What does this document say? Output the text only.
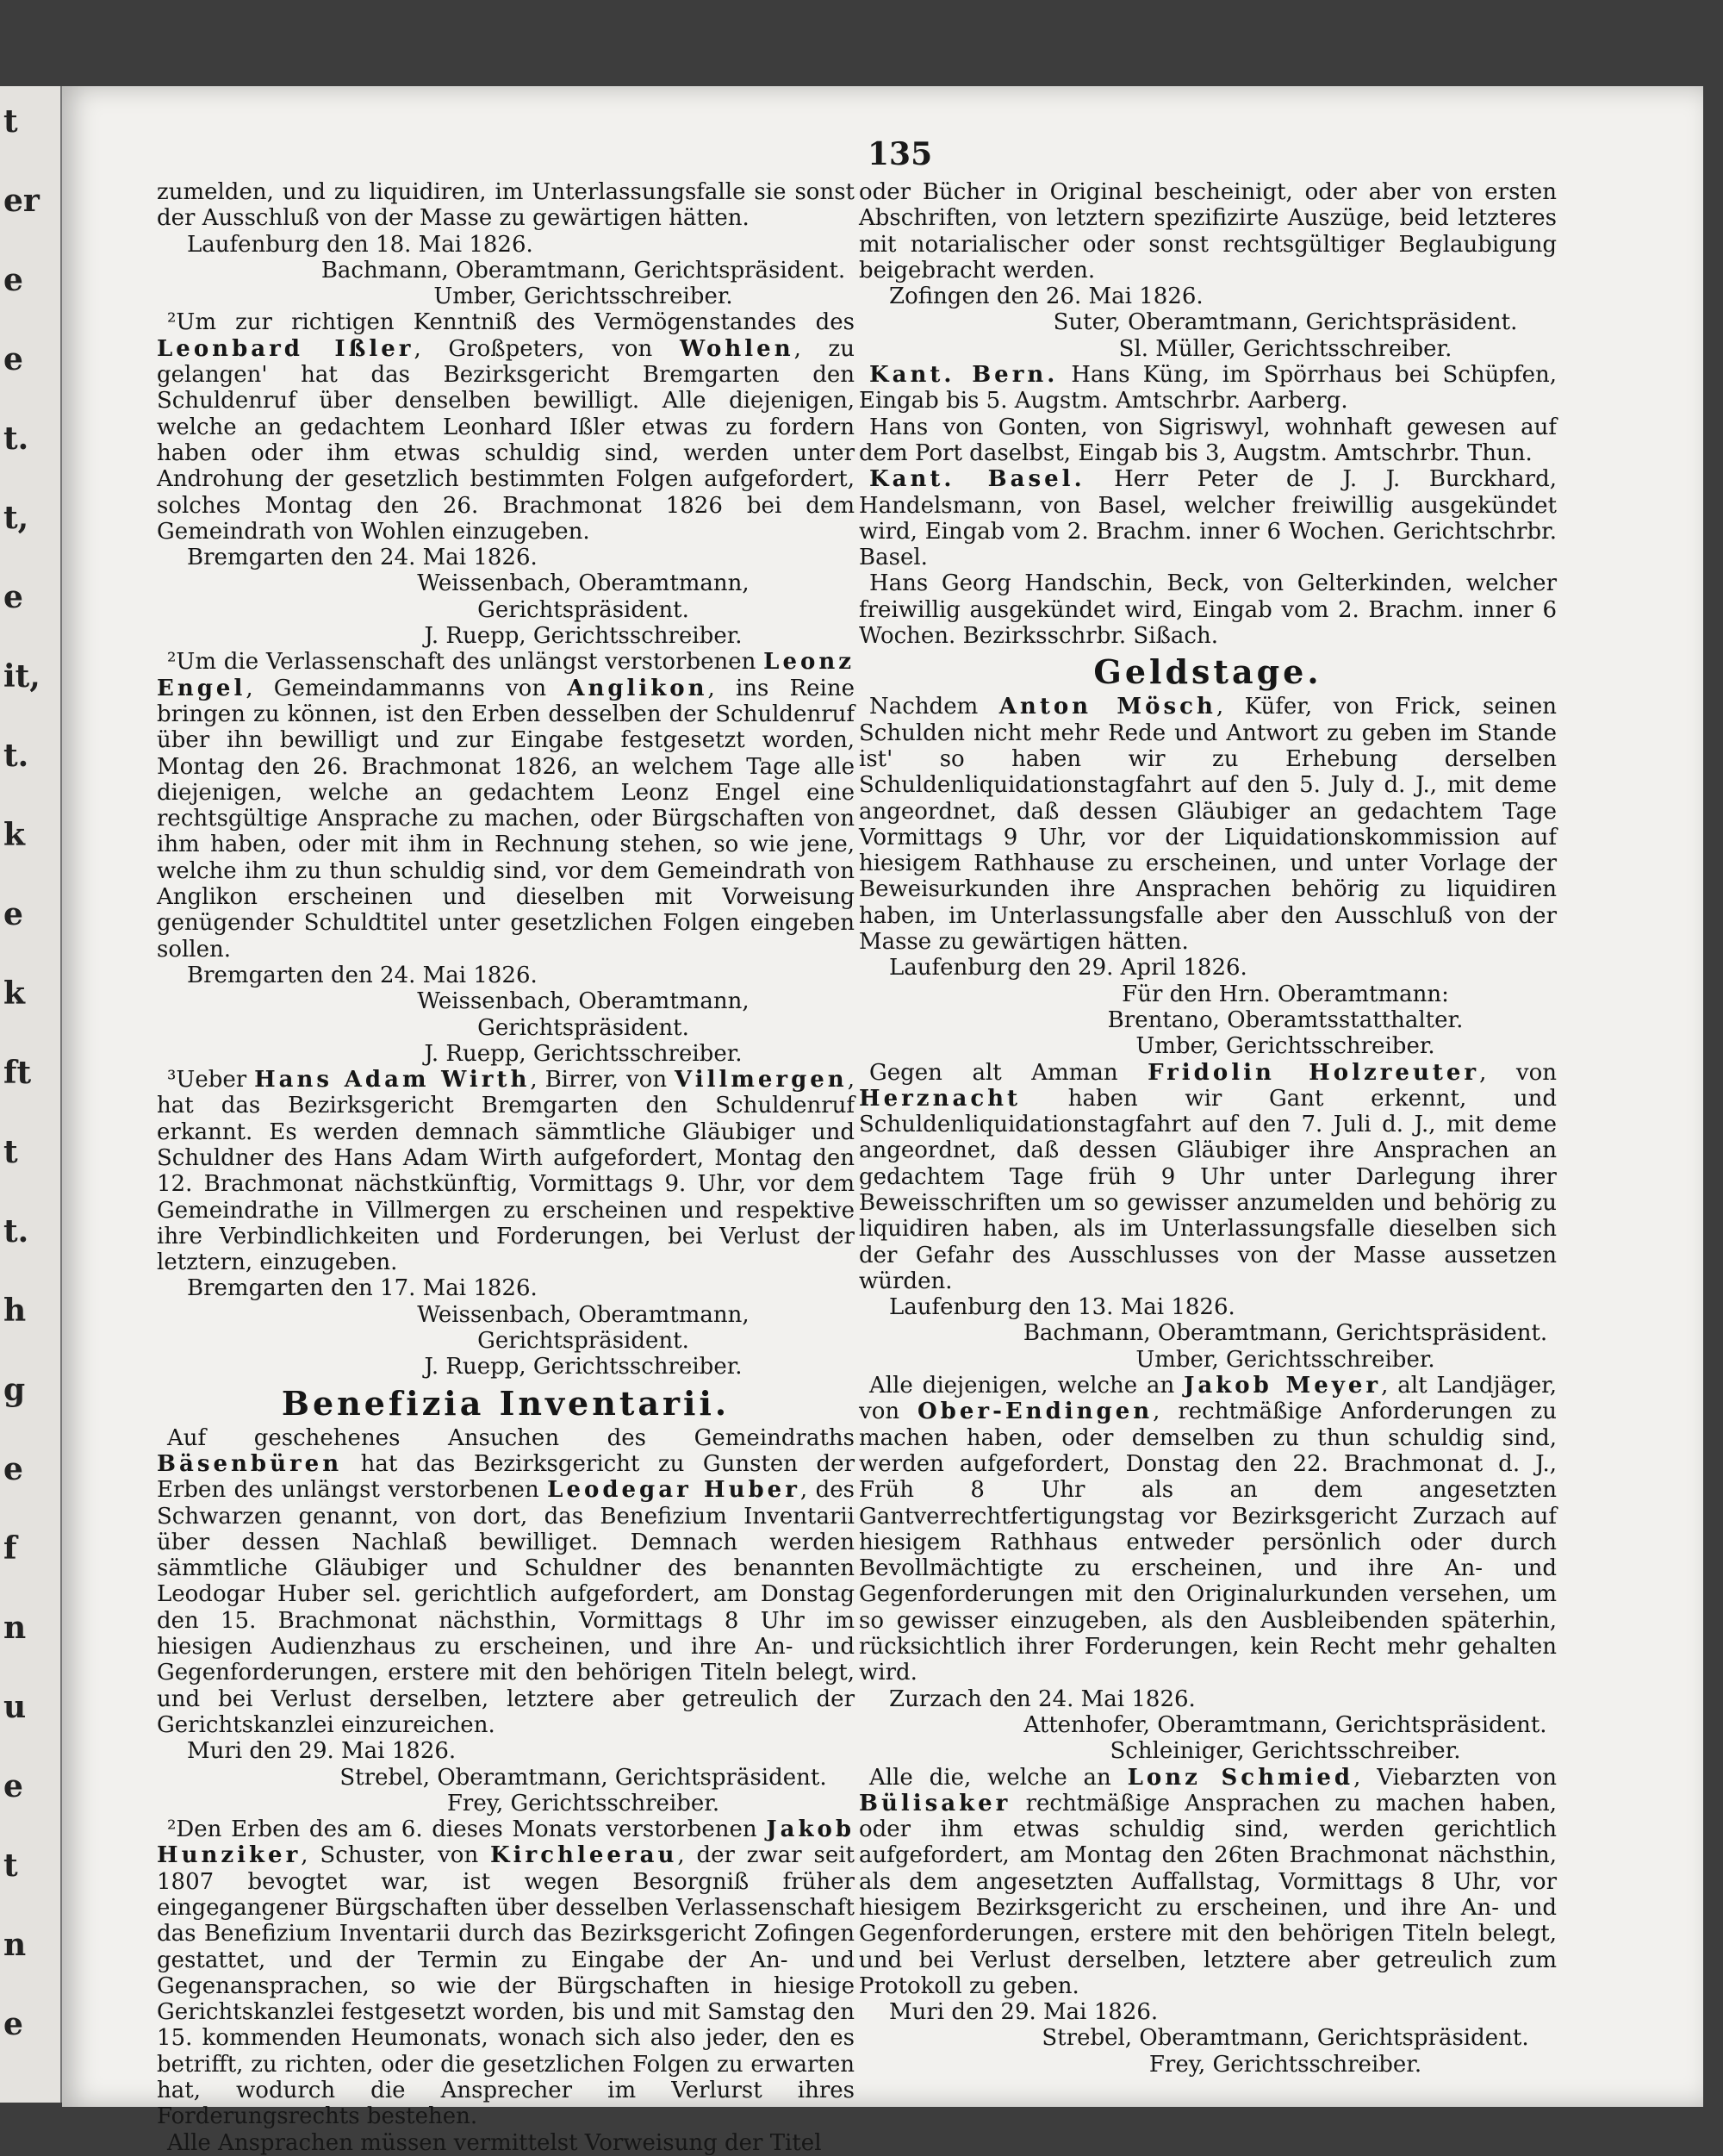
t
er
e
e
t.
t,
e
it,
t.
k
e
k
ft
t
t.
h
g
e
f
n
u
e
t
n
e
135

zumelden, und zu liquidiren, im Unterlassungsfalle sie sonst der Ausschluß von der Masse zu gewärtigen hätten.

Laufenburg den 18. Mai 1826.

Bachmann, Oberamtmann, Gerichtspräsident.

Umber, Gerichtsschreiber.

²Um zur richtigen Kenntniß des Vermögenstandes des Leonbard Ißler, Großpeters, von Wohlen, zu gelangen' hat das Bezirksgericht Bremgarten den Schuldenruf über denselben bewilligt. Alle diejenigen, welche an gedachtem Leonhard Ißler etwas zu fordern haben oder ihm etwas schuldig sind, werden unter Androhung der gesetzlich bestimmten Folgen aufgefordert, solches Montag den 26. Brachmonat 1826 bei dem Gemeindrath von Wohlen einzugeben.

Bremgarten den 24. Mai 1826.

Weissenbach, Oberamtmann, Gerichtspräsident.

J. Ruepp, Gerichtsschreiber.

²Um die Verlassenschaft des unlängst verstorbenen Leonz Engel, Gemeindammanns von Anglikon, ins Reine bringen zu können, ist den Erben desselben der Schuldenruf über ihn bewilligt und zur Eingabe festgesetzt worden, Montag den 26. Brachmonat 1826, an welchem Tage alle diejenigen, welche an gedachtem Leonz Engel eine rechtsgültige Ansprache zu machen, oder Bürgschaften von ihm haben, oder mit ihm in Rechnung stehen, so wie jene, welche ihm zu thun schuldig sind, vor dem Gemeindrath von Anglikon erscheinen und dieselben mit Vorweisung genügender Schuldtitel unter gesetzlichen Folgen eingeben sollen.

Bremgarten den 24. Mai 1826.

Weissenbach, Oberamtmann, Gerichtspräsident.

J. Ruepp, Gerichtsschreiber.

³Ueber Hans Adam Wirth, Birrer, von Villmergen, hat das Bezirksgericht Bremgarten den Schuldenruf erkannt. Es werden demnach sämmtliche Gläubiger und Schuldner des Hans Adam Wirth aufgefordert, Montag den 12. Brachmonat nächstkünftig, Vormittags 9. Uhr, vor dem Gemeindrathe in Villmergen zu erscheinen und respektive ihre Verbindlichkeiten und Forderungen, bei Verlust der letztern, einzugeben.

Bremgarten den 17. Mai 1826.

Weissenbach, Oberamtmann, Gerichtspräsident.

J. Ruepp, Gerichtsschreiber.

Benefizia Inventarii.

Auf geschehenes Ansuchen des Gemeindraths Bäsenbüren hat das Bezirksgericht zu Gunsten der Erben des unlängst verstorbenen Leodegar Huber, des Schwarzen genannt, von dort, das Benefizium Inventarii über dessen Nachlaß bewilliget. Demnach werden sämmtliche Gläubiger und Schuldner des benannten Leodogar Huber sel. gerichtlich aufgefordert, am Donstag den 15. Brachmonat nächsthin, Vormittags 8 Uhr im hiesigen Audienzhaus zu erscheinen, und ihre An- und Gegenforderungen, erstere mit den behörigen Titeln belegt, und bei Verlust derselben, letztere aber getreulich der Gerichtskanzlei einzureichen.

Muri den 29. Mai 1826.

Strebel, Oberamtmann, Gerichtspräsident.

Frey, Gerichtsschreiber.

²Den Erben des am 6. dieses Monats verstorbenen Jakob Hunziker, Schuster, von Kirchleerau, der zwar seit 1807 bevogtet war, ist wegen Besorgniß früher eingegangener Bürgschaften über desselben Verlassenschaft das Benefizium Inventarii durch das Bezirksgericht Zofingen gestattet, und der Termin zu Eingabe der An- und Gegenansprachen, so wie der Bürgschaften in hiesige Gerichtskanzlei festgesetzt worden, bis und mit Samstag den 15. kommenden Heumonats, wonach sich also jeder, den es betrifft, zu richten, oder die gesetzlichen Folgen zu erwarten hat, wodurch die Ansprecher im Verlurst ihres Forderungsrechts bestehen.

Alle Ansprachen müssen vermittelst Vorweisung der Titel

oder Bücher in Original bescheinigt, oder aber von ersten Abschriften, von letztern spezifizirte Auszüge, beid letzteres mit notarialischer oder sonst rechtsgültiger Beglaubigung beigebracht werden.

Zofingen den 26. Mai 1826.

Suter, Oberamtmann, Gerichtspräsident.

Sl. Müller, Gerichtsschreiber.

Kant. Bern. Hans Küng, im Spörrhaus bei Schüpfen, Eingab bis 5. Augstm. Amtschrbr. Aarberg.

Hans von Gonten, von Sigriswyl, wohnhaft gewesen auf dem Port daselbst, Eingab bis 3, Augstm. Amtschrbr. Thun.

Kant. Basel. Herr Peter de J. J. Burckhard, Handelsmann, von Basel, welcher freiwillig ausgekündet wird, Eingab vom 2. Brachm. inner 6 Wochen. Gerichtschrbr. Basel.

Hans Georg Handschin, Beck, von Gelterkinden, welcher freiwillig ausgekündet wird, Eingab vom 2. Brachm. inner 6 Wochen. Bezirksschrbr. Sißach.

Geldstage.

Nachdem Anton Mösch, Küfer, von Frick, seinen Schulden nicht mehr Rede und Antwort zu geben im Stande ist' so haben wir zu Erhebung derselben Schuldenliquidationstagfahrt auf den 5. July d. J., mit deme angeordnet, daß dessen Gläubiger an gedachtem Tage Vormittags 9 Uhr, vor der Liquidationskommission auf hiesigem Rathhause zu erscheinen, und unter Vorlage der Beweisurkunden ihre Ansprachen behörig zu liquidiren haben, im Unterlassungsfalle aber den Ausschluß von der Masse zu gewärtigen hätten.

Laufenburg den 29. April 1826.

Für den Hrn. Oberamtmann:

Brentano, Oberamtsstatthalter.

Umber, Gerichtsschreiber.

Gegen alt Amman Fridolin Holzreuter, von Herznacht haben wir Gant erkennt, und Schuldenliquidationstagfahrt auf den 7. Juli d. J., mit deme angeordnet, daß dessen Gläubiger ihre Ansprachen an gedachtem Tage früh 9 Uhr unter Darlegung ihrer Beweisschriften um so gewisser anzumelden und behörig zu liquidiren haben, als im Unterlassungsfalle dieselben sich der Gefahr des Ausschlusses von der Masse aussetzen würden.

Laufenburg den 13. Mai 1826.

Bachmann, Oberamtmann, Gerichtspräsident.

Umber, Gerichtsschreiber.

Alle diejenigen, welche an Jakob Meyer, alt Landjäger, von Ober-Endingen, rechtmäßige Anforderungen zu machen haben, oder demselben zu thun schuldig sind, werden aufgefordert, Donstag den 22. Brachmonat d. J., Früh 8 Uhr als an dem angesetzten Gantverrechtfertigungstag vor Bezirksgericht Zurzach auf hiesigem Rathhaus entweder persönlich oder durch Bevollmächtigte zu erscheinen, und ihre An- und Gegenforderungen mit den Originalurkunden versehen, um so gewisser einzugeben, als den Ausbleibenden späterhin, rücksichtlich ihrer Forderungen, kein Recht mehr gehalten wird.

Zurzach den 24. Mai 1826.

Attenhofer, Oberamtmann, Gerichtspräsident.

Schleiniger, Gerichtsschreiber.

Alle die, welche an Lonz Schmied, Viebarzten von Bülisaker rechtmäßige Ansprachen zu machen haben, oder ihm etwas schuldig sind, werden gerichtlich aufgefordert, am Montag den 26ten Brachmonat nächsthin, als dem angesetzten Auffallstag, Vormittags 8 Uhr, vor hiesigem Bezirksgericht zu erscheinen, und ihre An- und Gegenforderungen, erstere mit den behörigen Titeln belegt, und bei Verlust derselben, letztere aber getreulich zum Protokoll zu geben.

Muri den 29. Mai 1826.

Strebel, Oberamtmann, Gerichtspräsident.

Frey, Gerichtsschreiber.
